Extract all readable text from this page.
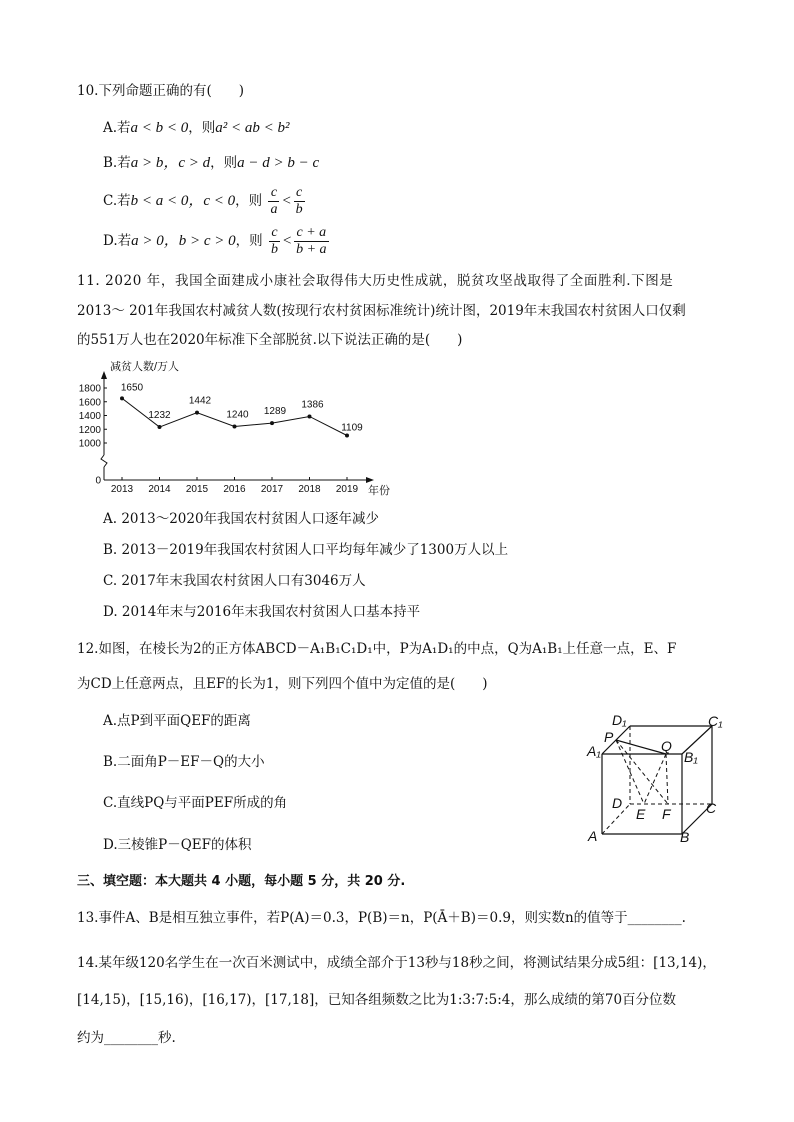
10.下列命题正确的有(　　)
A.若a < b < 0，则a² < ab < b²
B.若a > b，c > d，则a − d > b − c
C.若b < a < 0，c < 0，则 $\frac{c}{a} < \frac{c}{b}$
D.若a > 0，b > c > 0，则 $\frac{c}{b} < \frac{c + a}{b + a}$
11. 2020 年，我国全面建成小康社会取得伟大历史性成就，脱贫攻坚战取得了全面胜利.下图是
2013～ 201年我国农村减贫人数(按现行农村贫困标准统计)统计图，2019年末我国农村贫困人口仅剩
的551万人也在2020年标准下全部脱贫.以下说法正确的是(　　)
减贫人数/万人
1800
1600
1400
1200
1000
0
2013 2014 2015 2016 2017 2018 2019
1650
1232
1442
1240 1289
1386
1109
年份
A. 2013～2020年我国农村贫困人口逐年减少
B. 2013－2019年我国农村贫困人口平均每年减少了1300万人以上
C. 2017年末我国农村贫困人口有3046万人
D. 2014年末与2016年末我国农村贫困人口基本持平
12.如图，在棱长为2的正方体ABCD－A₁B₁C₁D₁中，P为A₁D₁的中点，Q为A₁B₁上任意一点，E、F
为CD上任意两点，且EF的长为1，则下列四个值中为定值的是(　　)
A.点P到平面QEF的距离
B.二面角P－EF－Q的大小
C.直线PQ与平面PEF所成的角
D.三棱锥P－QEF的体积
D₁	C₁
A₁
P
Q
B₁
D	C
E F
A	B
三、填空题：本大题共 4 小题，每小题 5 分，共 20 分.
13.事件A、B是相互独立事件，若P(A)＝0.3，P(B)＝n，P(Ā＋B)＝0.9，则实数n的值等于________.
14.某年级120名学生在一次百米测试中，成绩全部介于13秒与18秒之间，将测试结果分成5组：[13,14)，
[14,15)，[15,16)，[16,17)，[17,18]，已知各组频数之比为1:3:7:5:4，那么成绩的第70百分位数
约为________秒.
